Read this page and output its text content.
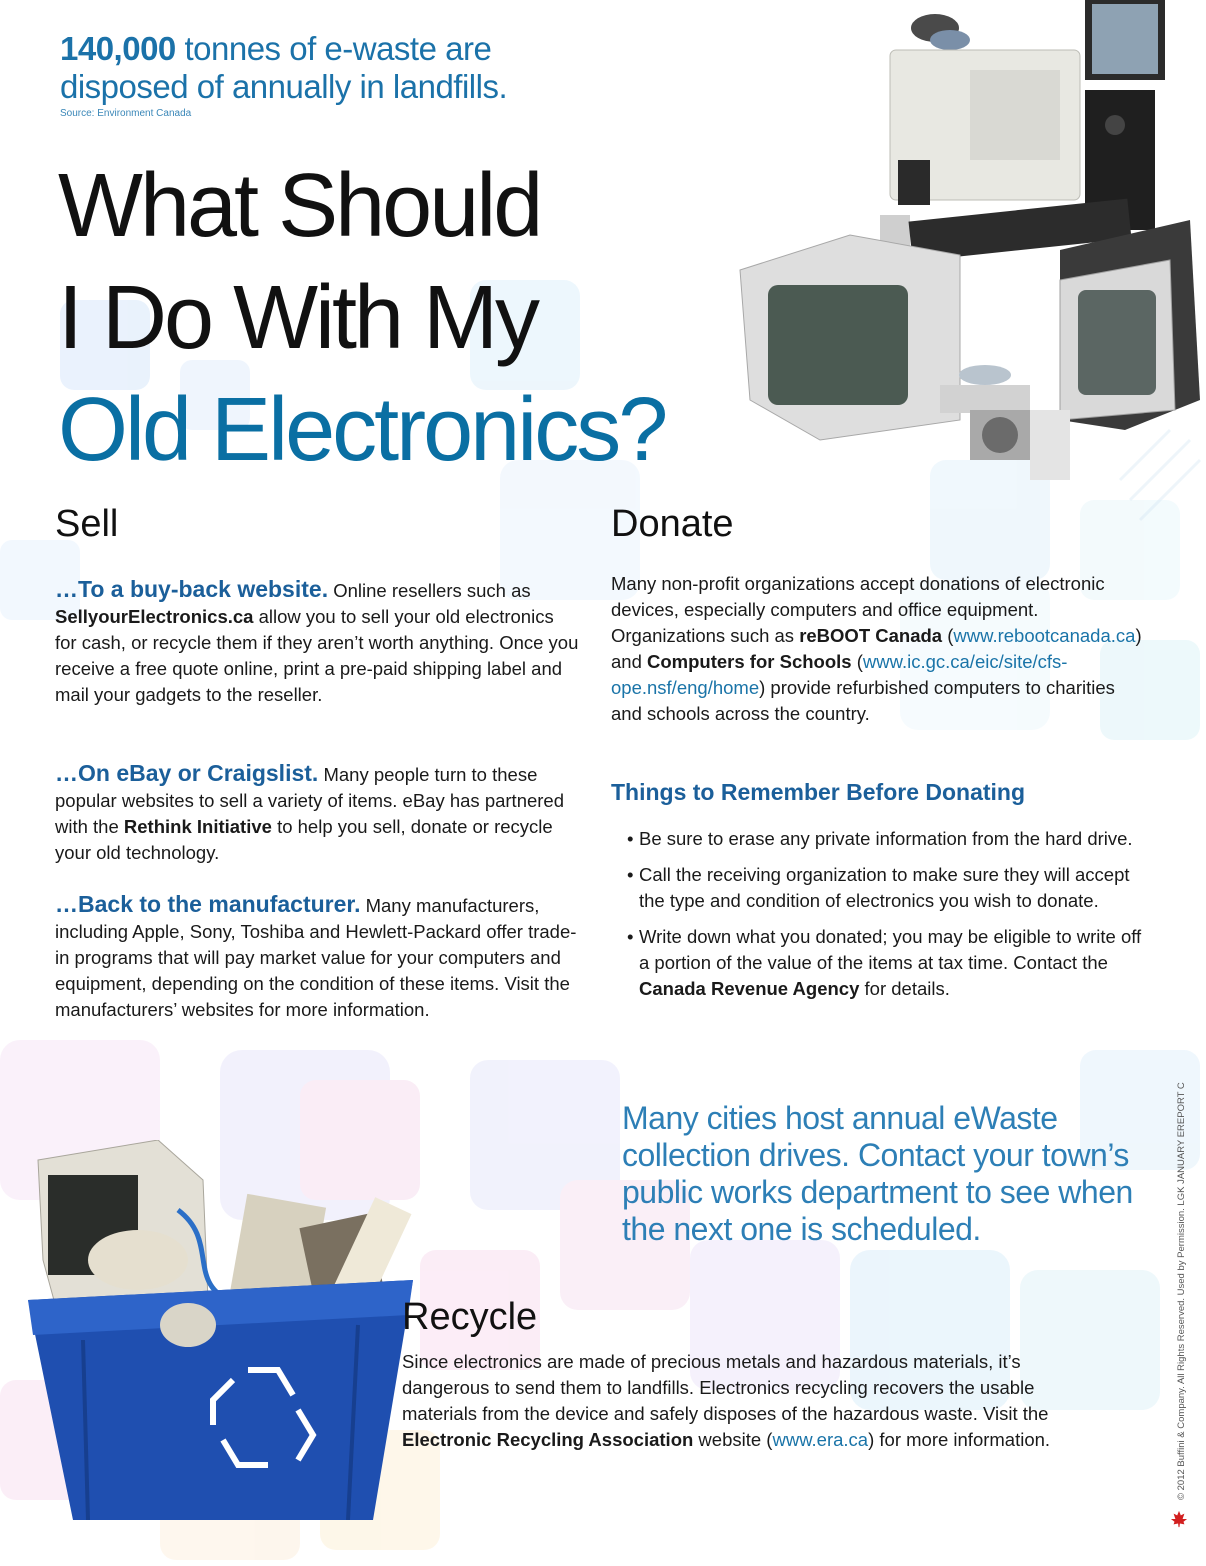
140,000 tonnes of e-waste are disposed of annually in landfills.
Source: Environment Canada
What Should
I Do With My
Old Electronics?
Sell
…To a buy-back website. Online resellers such as SellyourElectronics.ca allow you to sell your old electronics for cash, or recycle them if they aren’t worth anything. Once you receive a free quote online, print a pre-paid shipping label and mail your gadgets to the reseller.
…On eBay or Craigslist. Many people turn to these popular websites to sell a variety of items. eBay has partnered with the Rethink Initiative to help you sell, donate or recycle your old technology.
…Back to the manufacturer. Many manufacturers, including Apple, Sony, Toshiba and Hewlett-Packard offer trade-in programs that will pay market value for your computers and equipment, depending on the condition of these items. Visit the manufacturers’ websites for more information.
Donate
Many non-profit organizations accept donations of electronic devices, especially computers and office equipment. Organizations such as reBOOT Canada (www.rebootcanada.ca) and Computers for Schools (www.ic.gc.ca/eic/site/cfs-ope.nsf/eng/home) provide refurbished computers to charities and schools across the country.
Things to Remember Before Donating
• Be sure to erase any private information from the hard drive.
• Call the receiving organization to make sure they will accept the type and condition of electronics you wish to donate.
• Write down what you donated; you may be eligible to write off a portion of the value of the items at tax time. Contact the Canada Revenue Agency for details.
Many cities host annual eWaste collection drives. Contact your town’s public works department to see when the next one is scheduled.
Recycle
Since electronics are made of precious metals and hazardous materials, it’s dangerous to send them to landfills. Electronics recycling recovers the usable materials from the device and safely disposes of the hazardous waste. Visit the Electronic Recycling Association website (www.era.ca) for more information.	© 2012 Buffini & Company. All Rights Reserved. Used by Permission. LGK JANUARY EREPORT C
